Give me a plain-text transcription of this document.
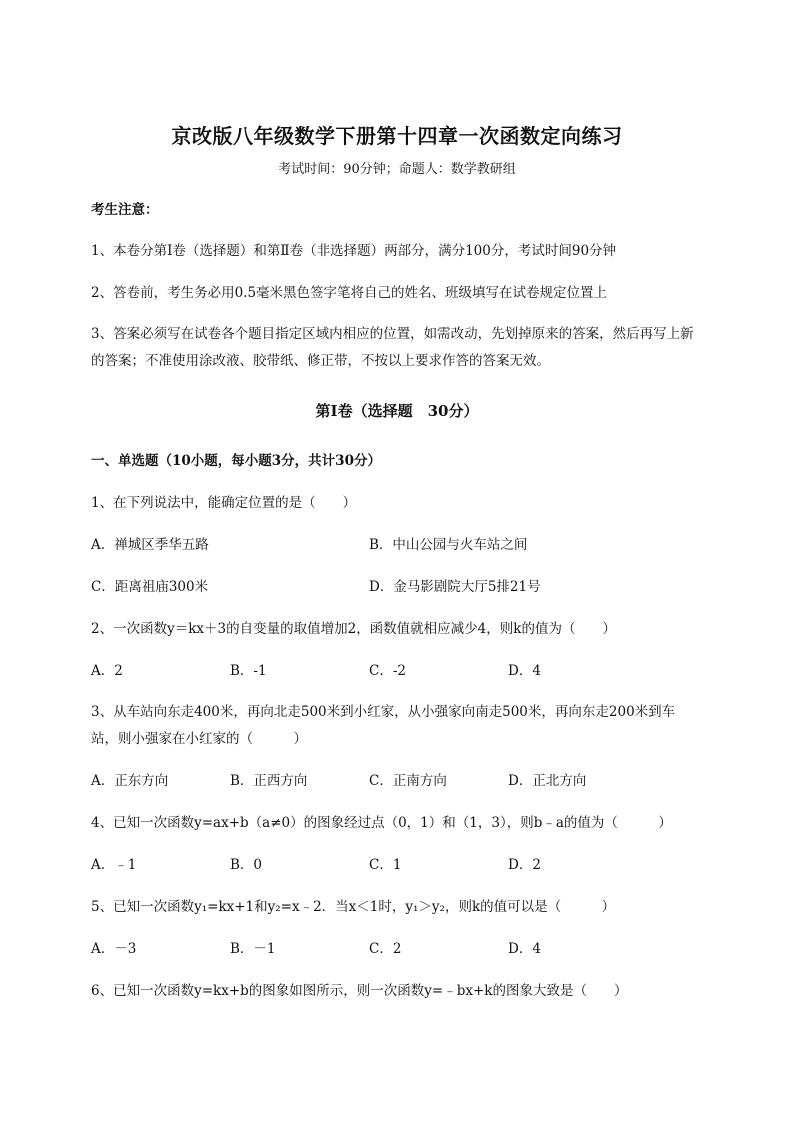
京改版八年级数学下册第十四章一次函数定向练习
考试时间：90分钟；命题人：数学教研组
考生注意：
1、本卷分第I卷（选择题）和第Ⅱ卷（非选择题）两部分，满分100分，考试时间90分钟
2、答卷前，考生务必用0.5毫米黑色签字笔将自己的姓名、班级填写在试卷规定位置上
3、答案必须写在试卷各个题目指定区域内相应的位置，如需改动，先划掉原来的答案，然后再写上新
的答案；不准使用涂改液、胶带纸、修正带，不按以上要求作答的答案无效。
第I卷（选择题　30分）
一、单选题（10小题，每小题3分，共计30分）
1、在下列说法中，能确定位置的是（　　）
A．禅城区季华五路	B．中山公园与火车站之间
C．距离祖庙300米	D．金马影剧院大厅5排21号
2、一次函数y＝kx＋3的自变量的取值增加2，函数值就相应减少4，则k的值为（　　）
A．2	B．-1	C．-2	D．4
3、从车站向东走400米，再向北走500米到小红家，从小强家向南走500米，再向东走200米到车
站，则小强家在小红家的（　　　）
A．正东方向	B．正西方向	C．正南方向	D．正北方向
4、已知一次函数y=ax+b（a≠0）的图象经过点（0，1）和（1，3），则b﹣a的值为（　　　）
A．﹣1	B．0	C．1	D．2
5、已知一次函数y₁=kx+1和y₂=x﹣2．当x＜1时，y₁＞y₂，则k的值可以是（　　　）
A．－3	B．－1	C．2	D．4
6、已知一次函数y=kx+b的图象如图所示，则一次函数y=﹣bx+k的图象大致是（　　）
